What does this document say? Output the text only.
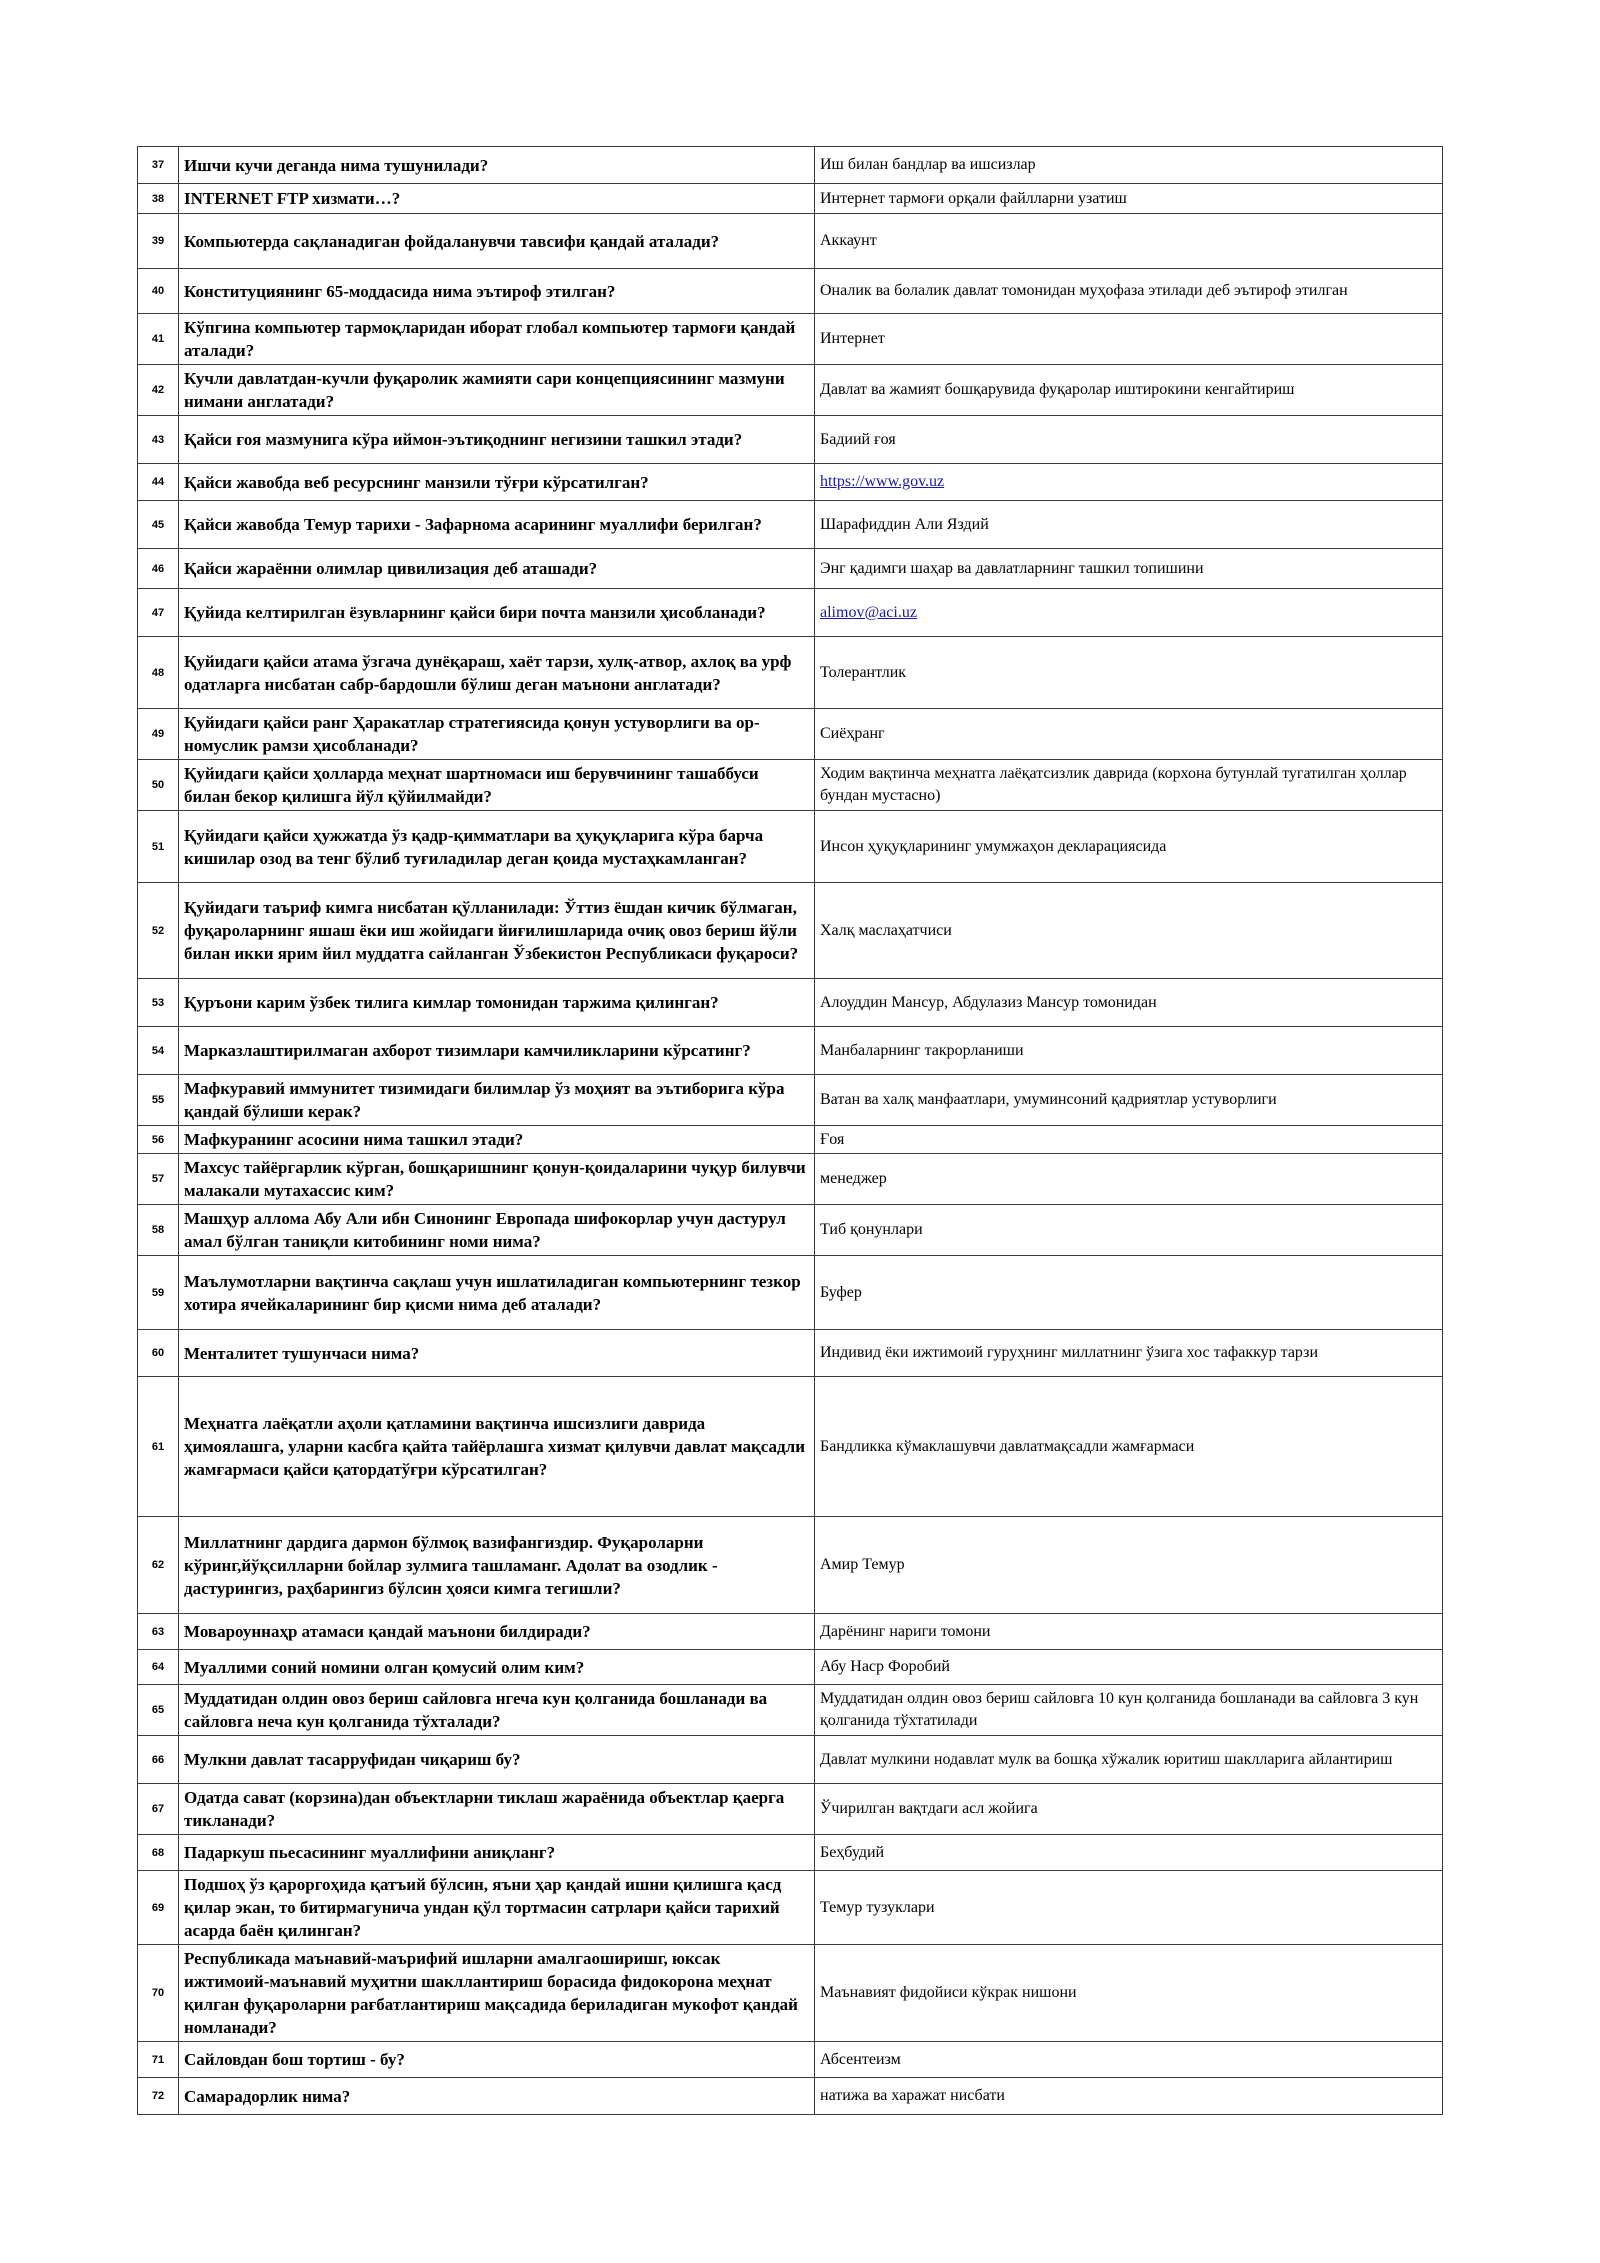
37	Ишчи кучи деганда нима тушунилади?	Иш билан бандлар ва ишсизлар
38	INTERNET FTP хизмати…?	Интернет тармоғи орқали файлларни узатиш
39	Компьютерда сақланадиган фойдаланувчи тавсифи қандай аталади?	Аккаунт
40	Конституциянинг 65-моддасида нима эътироф этилган?	Оналик ва болалик давлат томонидан муҳофаза этилади деб эътироф этилган
41	Кўпгина компьютер тармоқларидан иборат глобал компьютер тармоғи қандай аталади?	Интернет
42	Кучли давлатдан-кучли фуқаролик жамияти сари концепциясининг мазмуни нимани англатади?	Давлат ва жамият бошқарувида фуқаролар иштирокини кенгайтириш
43	Қайси ғоя мазмунига кўра иймон-эътиқоднинг негизини ташкил этади?	Бадиий ғоя
44	Қайси жавобда веб ресурснинг манзили тўғри кўрсатилган?	https://www.gov.uz
45	Қайси жавобда Темур тарихи - Зафарнома асарининг муаллифи берилган?	Шарафиддин Али Яздий
46	Қайси жараённи олимлар цивилизация деб аташади?	Энг қадимги шаҳар ва давлатларнинг ташкил топишини
47	Қуйида келтирилган ёзувларнинг қайси бири почта манзили ҳисобланади?	alimov@aci.uz
48	Қуйидаги қайси атама ўзгача дунёқараш, хаёт тарзи, хулқ-атвор, ахлоқ ва урф одатларга нисбатан сабр-бардошли бўлиш деган маънони англатади?	Толерантлик
49	Қуйидаги қайси ранг Ҳаракатлар стратегиясида қонун устуворлиги ва ор-номуслик рамзи ҳисобланади?	Сиёҳранг
50	Қуйидаги қайси ҳолларда меҳнат шартномаси иш берувчининг ташаббуси билан бекор қилишга йўл қўйилмайди?	Ходим вақтинча меҳнатга лаёқатсизлик даврида (корхона бутунлай тугатилган ҳоллар бундан мустасно)
51	Қуйидаги қайси ҳужжатда ўз қадр-қимматлари ва ҳуқуқларига кўра барча кишилар озод ва тенг бўлиб туғиладилар деган қоида мустаҳкамланган?	Инсон ҳуқуқларининг умумжаҳон декларациясида
52	Қуйидаги таъриф кимга нисбатан қўлланилади: Ўттиз ёшдан кичик бўлмаган, фуқароларнинг яшаш ёки иш жойидаги йиғилишларида очиқ овоз бериш йўли билан икки ярим йил муддатга сайланган Ўзбекистон Республикаси фуқароси?	Халқ маслаҳатчиси
53	Қуръони карим ўзбек тилига кимлар томонидан таржима қилинган?	Алоуддин Мансур, Абдулазиз Мансур томонидан
54	Марказлаштирилмаган ахборот тизимлари камчиликларини кўрсатинг?	Манбаларнинг такрорланиши
55	Мафкуравий иммунитет тизимидаги билимлар ўз моҳият ва эътиборига кўра қандай бўлиши керак?	Ватан ва халқ манфаатлари, умуминсоний қадриятлар устуворлиги
56	Мафкуранинг асосини нима ташкил этади?	Ғоя
57	Махсус тайёргарлик кўрган, бошқаришнинг қонун-қоидаларини чуқур билувчи малакали мутахассис ким?	менеджер
58	Машҳур аллома Абу Али ибн Синонинг Европада шифокорлар учун дастурул амал бўлган таниқли китобининг номи нима?	Тиб қонунлари
59	Маълумотларни вақтинча сақлаш учун ишлатиладиган компьютернинг тезкор хотира ячейкаларининг бир қисми нима деб аталади?	Буфер
60	Менталитет тушунчаси нима?	Индивид ёки ижтимоий гуруҳнинг миллатнинг ўзига хос тафаккур тарзи
61	Меҳнатга лаёқатли аҳоли қатламини вақтинча ишсизлиги даврида ҳимоялашга, уларни касбга қайта тайёрлашга хизмат қилувчи давлат мақсадли жамғармаси қайси қатордатўғри кўрсатилган?	Бандликка кўмаклашувчи давлатмақсадли жамғармаси
62	Миллатнинг дардига дармон бўлмоқ вазифангиздир. Фуқароларни кўринг,йўқсилларни бойлар зулмига ташламанг. Адолат ва озодлик - дастурингиз, раҳбарингиз бўлсин ҳояси кимга тегишли?	Амир Темур
63	Мовароуннаҳр атамаси қандай маънони билдиради?	Дарёнинг нариги томони
64	Муаллими соний номини олган қомусий олим ким?	Абу Наср Форобий
65	Муддатидан олдин овоз бериш сайловга нгеча кун қолганида бошланади ва сайловга неча кун қолганида тўхталади?	Муддатидан олдин овоз бериш сайловга 10 кун қолганида бошланади ва сайловга 3 кун қолганида тўхтатилади
66	Мулкни давлат тасарруфидан чиқариш бу?	Давлат мулкини нодавлат мулк ва бошқа хўжалик юритиш шаклларига айлантириш
67	Одатда сават (корзина)дан объектларни тиклаш жараёнида объектлар қаерга тикланади?	Ўчирилган вақтдаги асл жойига
68	Падаркуш пьесасининг муаллифини аниқланг?	Беҳбудий
69	Подшоҳ ўз қароргоҳида қатъий бўлсин, яъни ҳар қандай ишни қилишга қасд қилар экан, то битирмагунича ундан қўл тортмасин сатрлари қайси тарихий асарда баён қилинган?	Темур тузуклари
70	Республикада маънавий-маърифий ишларни амалгаоширишг, юксак ижтимоий-маънавий муҳитни шакллантириш борасида фидокорона меҳнат қилган фуқароларни рағбатлантириш мақсадида бериладиган мукофот қандай номланади?	Маънавият фидойиси кўкрак нишони
71	Сайловдан бош тортиш - бу?	Абсентеизм
72	Самарадорлик нима?	натижа ва харажат нисбати
